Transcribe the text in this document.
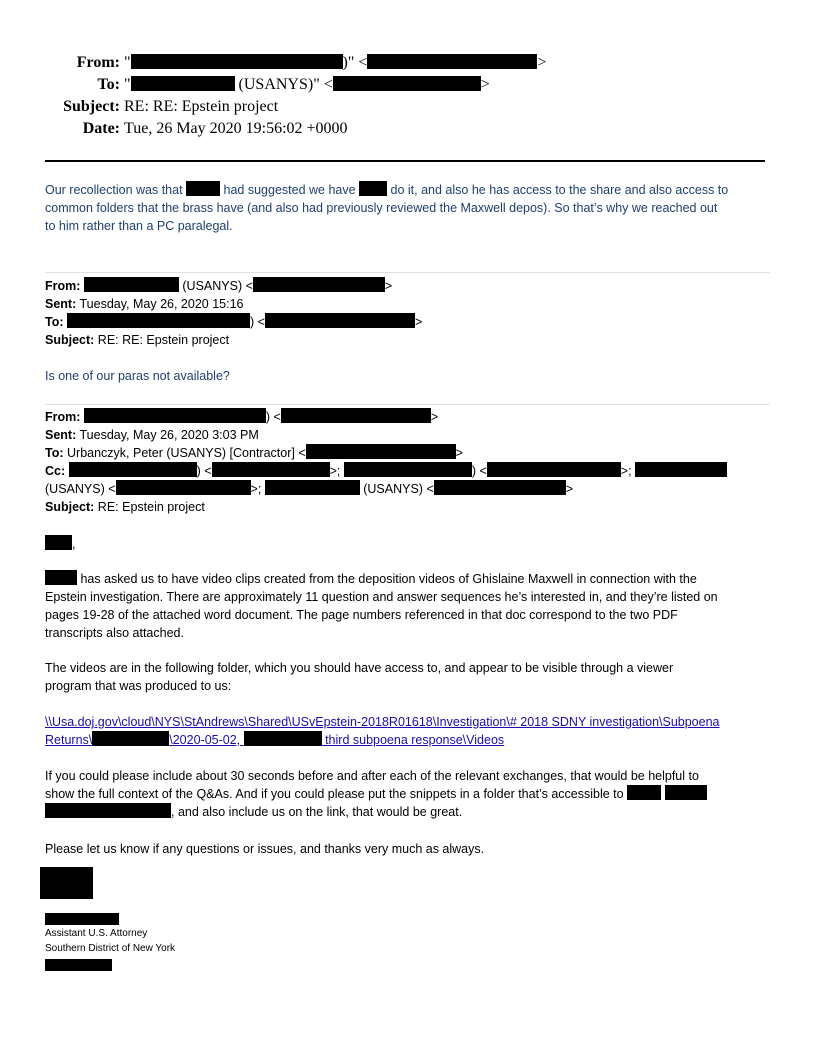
From: "	)" <	>
To: "	(USANYS)" <	>
Subject: RE: RE: Epstein project
Date: Tue, 26 May 2020 19:56:02 +0000
Our recollection was that	had suggested we have  do it, and also he has access to the share and also access to
common folders that the brass have (and also had previously reviewed the Maxwell depos). So that’s why we reached out
to him rather than a PC paralegal.
From:	(USANYS) <	>
Sent: Tuesday, May 26, 2020 15:16
To:	) <	>
Subject: RE: RE: Epstein project

Is one of our paras not available?
From:	) <	>
Sent: Tuesday, May 26, 2020 3:03 PM
To: Urbanczyk, Peter (USANYS) [Contractor] <	>
Cc:	) <	>;	) <	>;
(USANYS) <	>;	(USANYS) <	>
Subject: RE: Epstein project
,
has asked us to have video clips created from the deposition videos of Ghislaine Maxwell in connection with the
Epstein investigation. There are approximately 11 question and answer sequences he’s interested in, and they’re listed on
pages 19-28 of the attached word document. The page numbers referenced in that doc correspond to the two PDF
transcripts also attached.
The videos are in the following folder, which you should have access to, and appear to be visible through a viewer
program that was produced to us:
\\Usa.doj.gov\cloud\NYS\StAndrews\Shared\USvEpstein-2018R01618\Investigation\# 2018 SDNY investigation\Subpoena
Returns\	\2020-05-02,	third subpoena response\Videos
If you could please include about 30 seconds before and after each of the relevant exchanges, that would be helpful to
show the full context of the Q&As. And if you could please put the snippets in a folder that’s accessible to
, and also include us on the link, that would be great.
Please let us know if any questions or issues, and thanks very much as always.
Assistant U.S. Attorney
Southern District of New York
